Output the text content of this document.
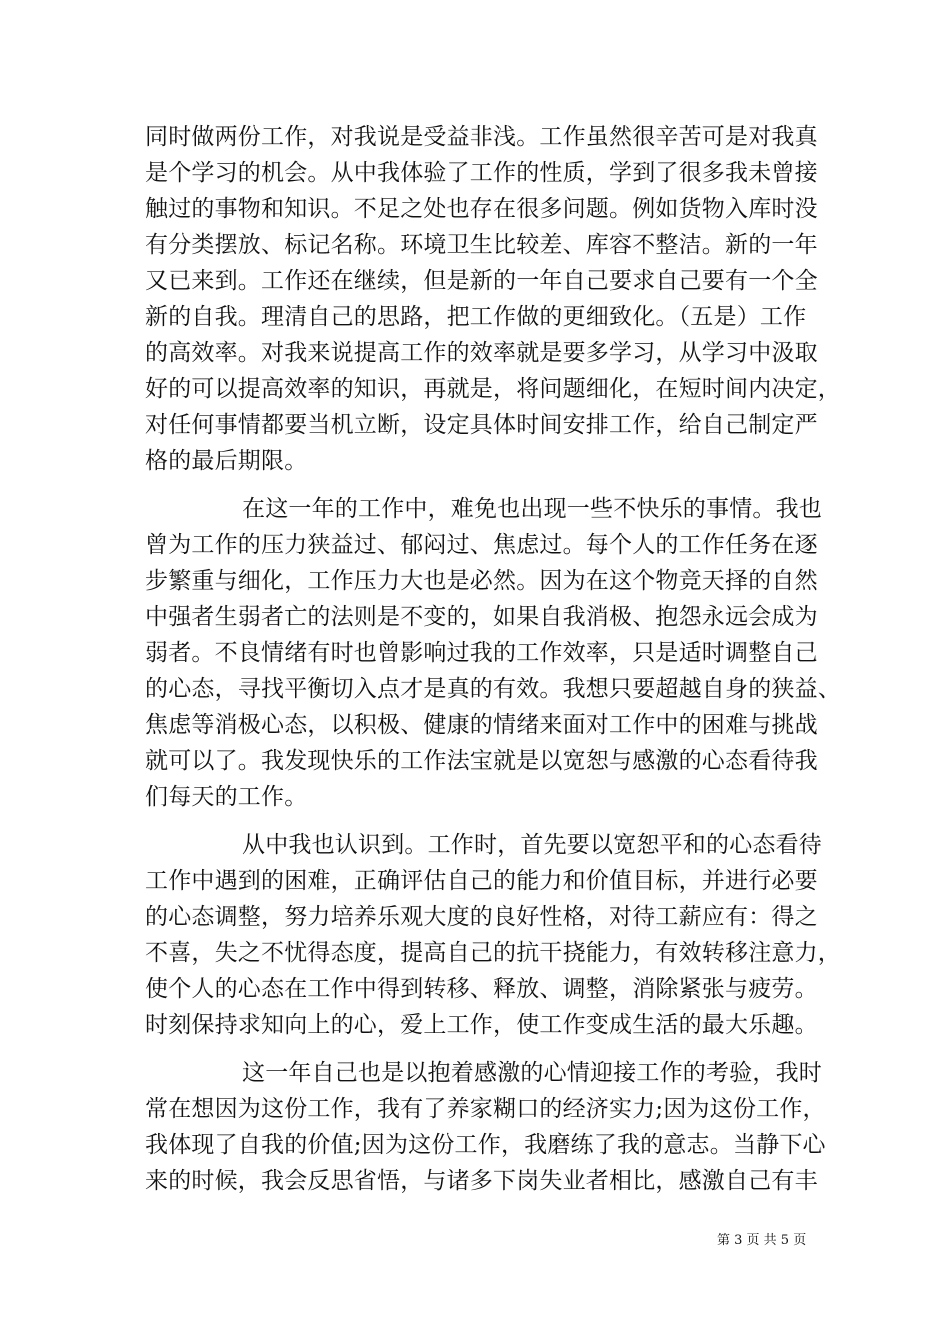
同时做两份工作，对我说是受益非浅。工作虽然很辛苦可是对我真
是个学习的机会。从中我体验了工作的性质，学到了很多我未曾接
触过的事物和知识。不足之处也存在很多问题。例如货物入库时没
有分类摆放、标记名称。环境卫生比较差、库容不整洁。新的一年
又已来到。工作还在继续，但是新的一年自己要求自己要有一个全
新的自我。理清自己的思路，把工作做的更细致化。（五是）工作
的高效率。对我来说提高工作的效率就是要多学习，从学习中汲取
好的可以提高效率的知识，再就是，将问题细化，在短时间内决定，
对任何事情都要当机立断，设定具体时间安排工作，给自己制定严
格的最后期限。
在这一年的工作中，难免也出现一些不快乐的事情。我也
曾为工作的压力狭益过、郁闷过、焦虑过。每个人的工作任务在逐
步繁重与细化，工作压力大也是必然。因为在这个物竞天择的自然
中强者生弱者亡的法则是不变的，如果自我消极、抱怨永远会成为
弱者。不良情绪有时也曾影响过我的工作效率，只是适时调整自己
的心态，寻找平衡切入点才是真的有效。我想只要超越自身的狭益、
焦虑等消极心态，以积极、健康的情绪来面对工作中的困难与挑战
就可以了。我发现快乐的工作法宝就是以宽恕与感激的心态看待我
们每天的工作。
从中我也认识到。工作时，首先要以宽恕平和的心态看待
工作中遇到的困难，正确评估自己的能力和价值目标，并进行必要
的心态调整，努力培养乐观大度的良好性格，对待工薪应有：得之
不喜，失之不忧得态度，提高自己的抗干挠能力，有效转移注意力，
使个人的心态在工作中得到转移、释放、调整，消除紧张与疲劳。
时刻保持求知向上的心，爱上工作，使工作变成生活的最大乐趣。
这一年自己也是以抱着感激的心情迎接工作的考验，我时
常在想因为这份工作，我有了养家糊口的经济实力;因为这份工作，
我体现了自我的价值;因为这份工作，我磨练了我的意志。当静下心
来的时候，我会反思省悟，与诸多下岗失业者相比，感激自己有丰
第 3 页 共 5 页
